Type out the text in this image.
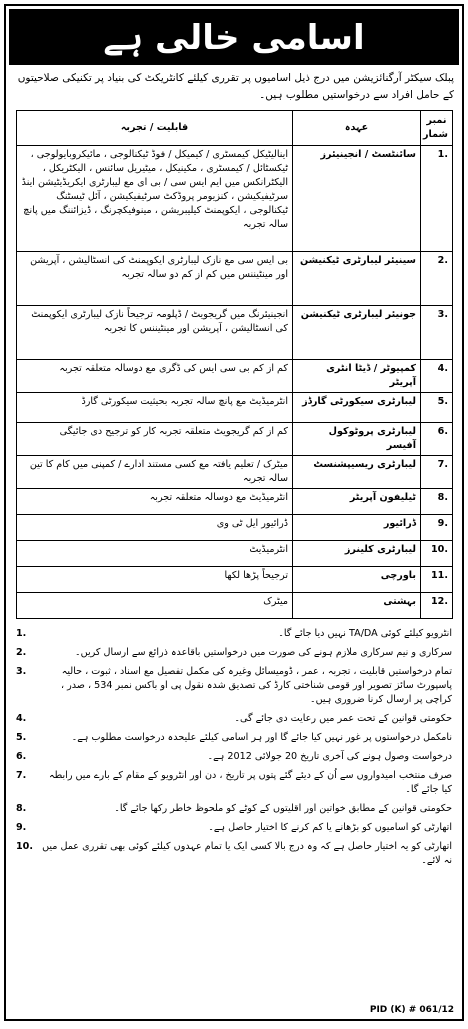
اسامی خالی ہے
پبلک سیکٹر آرگنائزیشن میں درج ذیل اسامیوں پر تقرری کیلئے کانٹریکٹ کی بنیاد پر تکنیکی صلاحیتوں کے حامل افراد سے درخواستیں مطلوب ہیں۔
نمبر شمار	عہدہ	قابلیت / تجربہ
1.	سائنٹسٹ / انجینیئرز	اینالیٹیکل کیمسٹری / کیمیکل / فوڈ ٹیکنالوجی ، مائیکروبایولوجی ، ٹیکسٹائل / کیمسٹری ، مکینیکل ، میٹیریل سائنس ، الیکٹریکل ، الیکٹرانکس میں ایم ایس سی / بی ای مع لیبارٹری ایکریڈیٹیشن اینڈ سرٹیفیکیشن ، کنزیومر پروڈکٹ سرٹیفیکیشن ، آئل ٹیسٹنگ ٹیکنالوجی ، ایکوپمنٹ کیلیبریشن ، مینوفیکچرنگ ، ڈیزائننگ میں پانچ سالہ تجربہ
2.	سینیئر لیبارٹری ٹیکنیشن	بی ایس سی مع نازک لیبارٹری ایکوپمنٹ کی انسٹالیشن ، آپریشن اور مینٹیننس میں کم از کم دو سالہ تجربہ
3.	جونیئر لیبارٹری ٹیکنیشن	انجینیئرنگ میں گریجویٹ / ڈپلومہ ترجیحاً نازک لیبارٹری ایکوپمنٹ کی انسٹالیشن ، آپریشن اور مینٹیننس کا تجربہ
4.	کمپیوٹر / ڈیٹا انٹری آپریٹر	کم از کم بی سی ایس کی ڈگری مع دوسالہ متعلقہ تجربہ
5.	لیبارٹری سیکورٹی گارڈز	انٹرمیڈیٹ مع پانچ سالہ تجربہ بحیثیت سیکورٹی گارڈ
6.	لیبارٹری پروٹوکول آفیسر	کم از کم گریجویٹ متعلقہ تجربہ کار کو ترجیح دی جائیگی
7.	لیبارٹری ریسیپشنسٹ	میٹرک / تعلیم یافتہ مع کسی مستند ادارے / کمپنی میں کام کا تین سالہ تجربہ
8.	ٹیلیفون آپریٹر	انٹرمیڈیٹ مع دوسالہ متعلقہ تجربہ
9.	ڈرائیور	ڈرائیور ایل ٹی وی
10.	لیبارٹری کلینرز	انٹرمیڈیٹ
11.	باورچی	ترجیحاً پڑھا لکھا
12.	بہشتی	میٹرک
1.	انٹرویو کیلئے کوئی TA/DA نہیں دیا جائے گا۔
2.	سرکاری و نیم سرکاری ملازم ہونے کی صورت میں درخواستیں باقاعدہ ذرائع سے ارسال کریں۔
3.	تمام درخواستیں قابلیت ، تجربہ ، عمر ، ڈومیسائل وغیرہ کی مکمل تفصیل مع اسناد ، ثبوت ، حالیہ پاسپورٹ سائز تصویر اور قومی شناختی کارڈ کی تصدیق شدہ نقول پی او باکس نمبر 534 ، صدر ، کراچی پر ارسال کرنا ضروری ہیں۔
4.	حکومتی قوانین کے تحت عمر میں رعایت دی جائے گی۔
5.	نامکمل درخواستوں پر غور نہیں کیا جائے گا اور ہر اسامی کیلئے علیحدہ درخواست مطلوب ہے۔
6.	درخواست وصول ہونے کی آخری تاریخ 20 جولائی 2012 ہے۔
7.	صرف منتخب امیدواروں سے اُن کے دیئے گئے پتوں پر تاریخ ، دن اور انٹرویو کے مقام کے بارے میں رابطہ کیا جائے گا۔
8.	حکومتی قوانین کے مطابق خواتین اور اقلیتوں کے کوٹے کو ملحوظ خاطر رکھا جائے گا۔
9.	اتھارٹی کو اسامیوں کو بڑھانے یا کم کرنے کا اختیار حاصل ہے۔
10. اتھارٹی کو یہ اختیار حاصل ہے کہ وہ درج بالا کسی ایک یا تمام عہدوں کیلئے کوئی بھی تقرری عمل میں نہ لائے۔
PID (K) # 061/12
